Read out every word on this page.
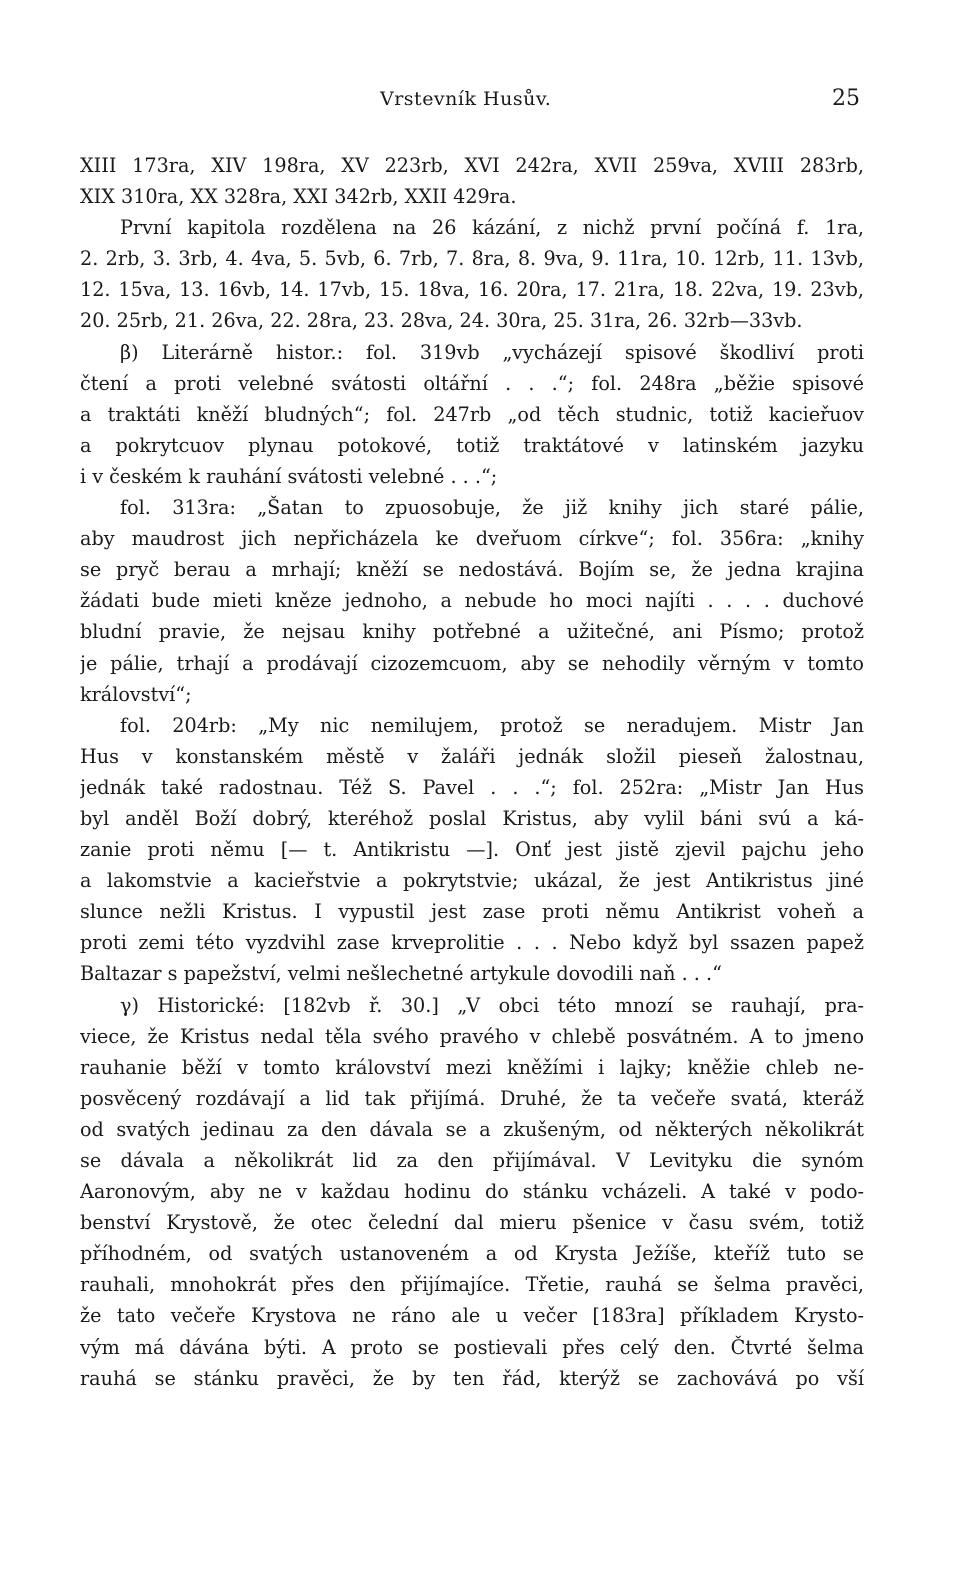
Vrstevník Husův.	25
XIII 173ra, XIV 198ra, XV 223rb, XVI 242ra, XVII 259va, XVIII 283rb,
XIX 310ra, XX 328ra, XXI 342rb, XXII 429ra.
První kapitola rozdělena na 26 kázání, z nichž první počíná f. 1ra,
2. 2rb, 3. 3rb, 4. 4va, 5. 5vb, 6. 7rb, 7. 8ra, 8. 9va, 9. 11ra, 10. 12rb, 11. 13vb,
12. 15va, 13. 16vb, 14. 17vb, 15. 18va, 16. 20ra, 17. 21ra, 18. 22va, 19. 23vb,
20. 25rb, 21. 26va, 22. 28ra, 23. 28va, 24. 30ra, 25. 31ra, 26. 32rb—33vb.
β) Literárně histor.: fol. 319vb „vycházejí spisové škodliví proti
čtení a proti velebné svátosti oltářní . . .“; fol. 248ra „běžie spisové
a traktáti kněží bludných“; fol. 247rb „od těch studnic, totiž kacieřuov
a pokrytcuov plynau potokové, totiž traktátové v latinském jazyku
i v českém k rauhání svátosti velebné . . .“;
fol. 313ra: „Šatan to zpuosobuje, že již knihy jich staré pálie,
aby maudrost jich nepřicházela ke dveřuom církve“; fol. 356ra: „knihy
se pryč berau a mrhají; kněží se nedostává. Bojím se, že jedna krajina
žádati bude mieti kněze jednoho, a nebude ho moci najíti . . . . duchové
bludní pravie, že nejsau knihy potřebné a užitečné, ani Písmo; protož
je pálie, trhají a prodávají cizozemcuom, aby se nehodily věrným v tomto
království“;
fol. 204rb: „My nic nemilujem, protož se neradujem. Mistr Jan
Hus v konstanském městě v žaláři jednák složil pieseň žalostnau,
jednák také radostnau. Též S. Pavel . . .“; fol. 252ra: „Mistr Jan Hus
byl anděl Boží dobrý, kteréhož poslal Kristus, aby vylil báni svú a ká-
zanie proti němu [— t. Antikristu —]. Onť jest jistě zjevil pajchu jeho
a lakomstvie a kacieřstvie a pokrytstvie; ukázal, že jest Antikristus jiné
slunce nežli Kristus. I vypustil jest zase proti němu Antikrist voheň a
proti zemi této vyzdvihl zase krveprolitie . . . Nebo když byl ssazen papež
Baltazar s papežství, velmi nešlechetné artykule dovodili naň . . .“
γ) Historické: [182vb ř. 30.] „V obci této mnozí se rauhají, pra-
viece, že Kristus nedal těla svého pravého v chlebě posvátném. A to jmeno
rauhanie běží v tomto království mezi kněžími i lajky; kněžie chleb ne-
posvěcený rozdávají a lid tak přijímá. Druhé, že ta večeře svatá, kteráž
od svatých jedinau za den dávala se a zkušeným, od některých několikrát
se dávala a několikrát lid za den přijímával. V Levityku die synóm
Aaronovým, aby ne v každau hodinu do stánku vcházeli. A také v podo-
benství Krystově, že otec čelední dal mieru pšenice v času svém, totiž
příhodném, od svatých ustanoveném a od Krysta Ježíše, kteříž tuto se
rauhali, mnohokrát přes den přijímajíce. Třetie, rauhá se šelma pravěci,
že tato večeře Krystova ne ráno ale u večer [183ra] příkladem Krysto-
vým má dávána býti. A proto se postievali přes celý den. Čtvrté šelma
rauhá se stánku pravěci, že by ten řád, kterýž se zachovává po vší
